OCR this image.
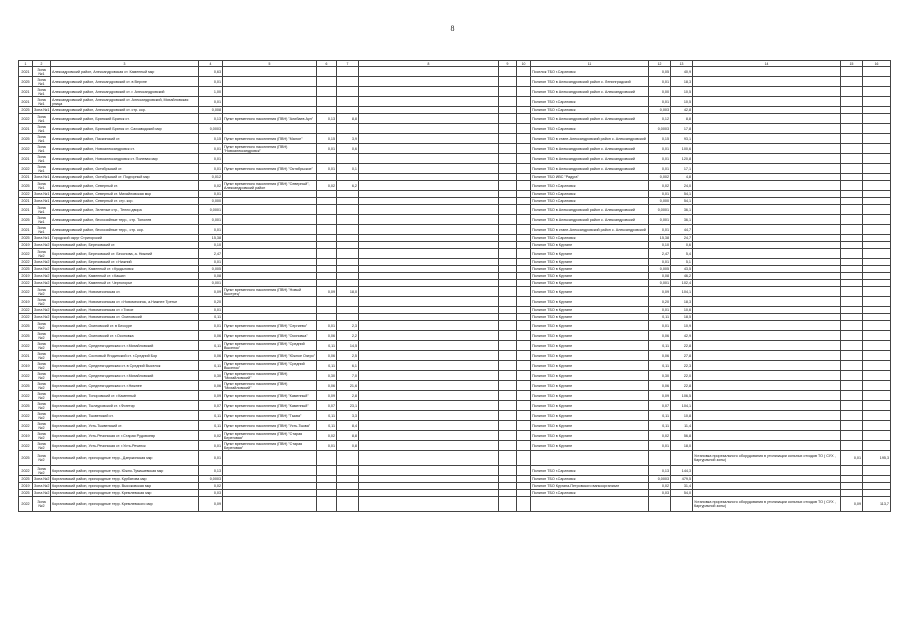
8
1	2	3	4	5	6	7	8	9	10	11	12	13	14	15	16
2021	Зона №1	Алексадровский район, Александровская ст. Каменный мкр	0,63							Поселок ТБО г.Саратовск	0,05	40,9			
2025	Зона №1	Александровский район, Александровский ст. в Верхне	0,01							Полигон ТБО в Александровский район с. Ленинградский	0,01	18,3			
2021	Зона №1	Александровский район, Александровский ст. г. Александровский	1,00							Полигон ТБО в Александровский район с. Александровский	0,00	10,5			
2021	Зона №1	Александровский район, Александровский ст. Александровский, Михайловская улица	0,01							Полигон ТБО г.Саратовск	0,01	10,5			
2025	Зона №1	Александровский район, Александровский ст. стр. кор.	0,008							Полигон ТБО г.Саратовск	0,003	42,8			
2022	Зона №1	Александровский район, Брянский Бранск ст.	0,13	Пункт временного накопления (ПВН) "Алибаев Аул"	0,13	8,8				Полигон ТБО в Александровский район с. Александровский	0,12	8,8			
2021	Зона №1	Александровский район, Брянский Брянск ст. Сахзаводский мкр	0,0003							Полигон ТБО г.Саратовск	0,0003	17,8			
2025	Зона №1	Александровский район, Паскинский ст.	0,15	Пункт временного накопления (ПВН) "Малое"	0,15	3,9				Полигон ТБО в стане-Александровский район с. Александровский	0,15	93,1			
2022	Зона №1	Александровский район, Новоалександровск ст.	0,01	Пункт временного накопления (ПВН) "Новоалександровск"	0,01	0,6				Полигон ТБО в Александровский район с. Александровский	0,01	100,6			
2021	Зона №1	Александровский район, Новоалександровск ст. Полевая мкр	0,01							Полигон ТБО в Александровский район с. Александровский	0,01	120,8			
2022	Зона №1	Александровский район, Октябрьский ст.	0,01	Пункт временного накопления (ПВН) "Октябрьское"	0,01	0,1				Полигон ТБО в Александровский район с. Александровский	0,01	17,1			
2021	Зона №1	Александровский район, Октябрьский ст. Подгорный мкр	0,012							Полигон ТБО ИВС "Радуга"	0,002	4,8			
2025	Зона №1	Александровский район, Северный ст.	0,02	Пункт временного накопления (ПВН) "Северный", Александровский район	0,02	6,2				Полигон ТБО г.Саратовск	0,02	24,0			
2022	Зона №1	Александровский район, Северный ст. Михайловская мкр	0,01							Полигон ТБО г.Саратовск	0,01	54,1			
2021	Зона №1	Александровский район, Северный ст. стр. кор.	0,000							Полигон ТБО г.Саратовск	0,000	54,1			
2021	Зона №1	Александровский район, Зеленые стр., Тепли двора	0,0001							Полигон ТБО в Александровский район с. Александровский	0,0001	36,1			
2025	Зона №1	Александровский район, бесхозяйные терр., стр. Тополев	0,001							Полигон ТБО в Александровский район с. Александровский	0,001	36,1			
2021	Зона №1	Александровский район, бесхозяйные терр., стр. кор.	0,01							Полигон ТБО в стане-Александровский район с. Александровский	0,01	44,7			
2025	Зона №1	Городской округ Стригорский	15,38							Полигон ТБО г.Саратовск	15,38	24,7			
2019	Зона №2	Коргановский район, Березовский ст.	0,10							Полигон ТБО в Кургане	0,10	0,6			
2022	Зона №2	Коргановский район, Березовский ст. Бесснова, а. Нижний	2,47							Полигон ТБО в Кургане	2,47	5,4			
2022	Зона №2	Коргановский район, Березовский ст. г.Нижний	0,01							Полигон ТБО в Кургане	0,01	5,1			
2025	Зона №2	Коргановский район, Каменный ст. г.Кукдьловск	0,005							Полигон ТБО в Кургане	0,005	43,5			
2019	Зона №2	Коргановский район, Каменный ст. г.Кашин	0,08							Полигон ТБО в Кургане	0,08	46,2			
2022	Зона №2	Коргановский район, Каменный ст. Черногорье	0,001							Полигон ТБО в Кургане	0,001	102,4			
2022	Зона №2	Коргановский район, Новомесинская ст.	0,09	Пункт временного накопления (ПВН) "Новый Быстрец"	0,09	18,0				Полигон ТБО в Кургане	0,09	104,1			
2019	Зона №2	Коргановский район, Новомесинская ст. г.Новомесинск, а.Нижнее Третье	0,20							Полигон ТБО в Кургане	0,20	18,3			
2022	Зона №2	Коргановский район, Новомесинская ст. г.Тихое	0,01							Полигон ТБО в Кургане	0,01	10,6			
2022	Зона №2	Коргановский район, Новомесинская ст. Осиновский	0,11							Полигон ТБО в Кургане	0,11	18,5			
2025	Зона №2	Коргановский район, Осиновский ст. в Бессуре	0,01	Пункт временного накопления (ПВН) "Сергиево"	0,01	2,3				Полигон ТБО в Кургане	0,01	10,9			
2025	Зона №2	Коргановский район, Осиновский ст. г.Осиновка	0,06	Пункт временного накопления (ПВН) "Осиновка"	0,06	2,2				Полигон ТБО в Кургане	0,06	42,9			
2022	Зона №2	Коргановский район, Среднеягодинская ст. г.Михайловский	0,11	Пункт временного накопления (ПВН) "Средний Выселок"	0,11	14,5				Полигон ТБО в Кургане	0,11	22,8			
2021	Зона №2	Коргановский район, Сосновый Ягодинский ст. г.Средний Бор	0,06	Пункт временного накопления (ПВН) "Южное Озеро"	0,06	2,5				Полигон ТБО в Кургане	0,06	27,8			
2019	Зона №2	Коргановский район, Среднеягодинская ст. в Средний Выселок	0,11	Пункт временного накопления (ПВН) "Средний Выселок"	0,11	6,1				Полигон ТБО в Кургане	0,11	22,3			
2022	Зона №2	Коргановский район, Среднеягодинская ст. г.Михайловский	0,30	Пункт временного накопления (ПВН) "Михайловский"	0,30	7,0				Полигон ТБО в Кургане	0,30	22,0			
2025	Зона №2	Коргановский район, Среднеягодинская ст. г.Нижнее	0,06	Пункт временного накопления (ПВН) "Михайловский"	0,06	21,6				Полигон ТБО в Кургане	0,06	22,8			
2022	Зона №2	Коргановский район, Топоровский ст. г.Каменный	0,09	Пункт временного накопления (ПВН) "Каменный"	0,09	2,8				Полигон ТБО в Кургане	0,09	106,5			
2025	Зона №2	Коргановский район, Тылауровский ст. г.Фогетир	0,07	Пункт временного накопления (ПВН) "Каменный"	0,07	23,1				Полигон ТБО в Кургане	0,07	104,1			
2022	Зона №2	Коргановский район, Тыквенский ст.	0,11	Пункт временного накопления (ПВН) "Тыква"	0,11	3,3				Полигон ТБО в Кургане	0,11	10,8			
2022	Зона №2	Коргановский район, Усть-Тыквенский ст.	0,11	Пункт временного накопления (ПВН) "Усть-Тыква"	0,11	8,4				Полигон ТБО в Кургане	0,11	11,4			
2019	Зона №2	Коргановский район, Усть-Речинская ст. г.Старая Рудовоевр	0,02	Пункт временного накопления (ПВН) "Старая Береговая"	0,02	8,8				Полигон ТБО в Кургане	0,02	56,8			
2022	Зона №2	Коргановский район, Усть-Речинская ст. г.Усть-Речинск	0,01	Пункт временного накопления (ПВН) "Старая Береговая"	0,01	0,8				Полигон ТБО в Кургане	0,01	18,0			
2025	Зона №2	Коргановский район, пригородные терр., Дзержинская мкр	0,01										Установка прорезального оборудования в утилизации сильных отходов ТО ( СУХ , Каргурачной зоны)	0,01	195,3
2022	Зона №2	Коргановский район, пригородные терр. Южно-Тумашевская мкр	0,13							Полигон ТБО г.Саратовск	0,13	144,3			
2025	Зона №2	Коргановский район, пригородные терр. Курбатова мкр	0,0003							Полигон ТБО г.Саратовск	0,0003	479,5			
2019	Зона №2	Коргановский район, пригородные терр. Высоковская мкр	0,02							Полигон ТБО Кургана-Петровского ванкоорганизат	0,02	31,4			
2025	Зона №2	Коргановский район, пригородные терр. Кремлевская мкр	0,03							Полигон ТБО г.Саратовск	0,03	54,0			
2022	Зона №2	Коргановский район, пригородные терр. Кремлевского мкр	0,09										Установка прорезального оборудования в утилизации сильных отходов ТО ( СУХ , Каргурачной зоны)	0,09	113,7
